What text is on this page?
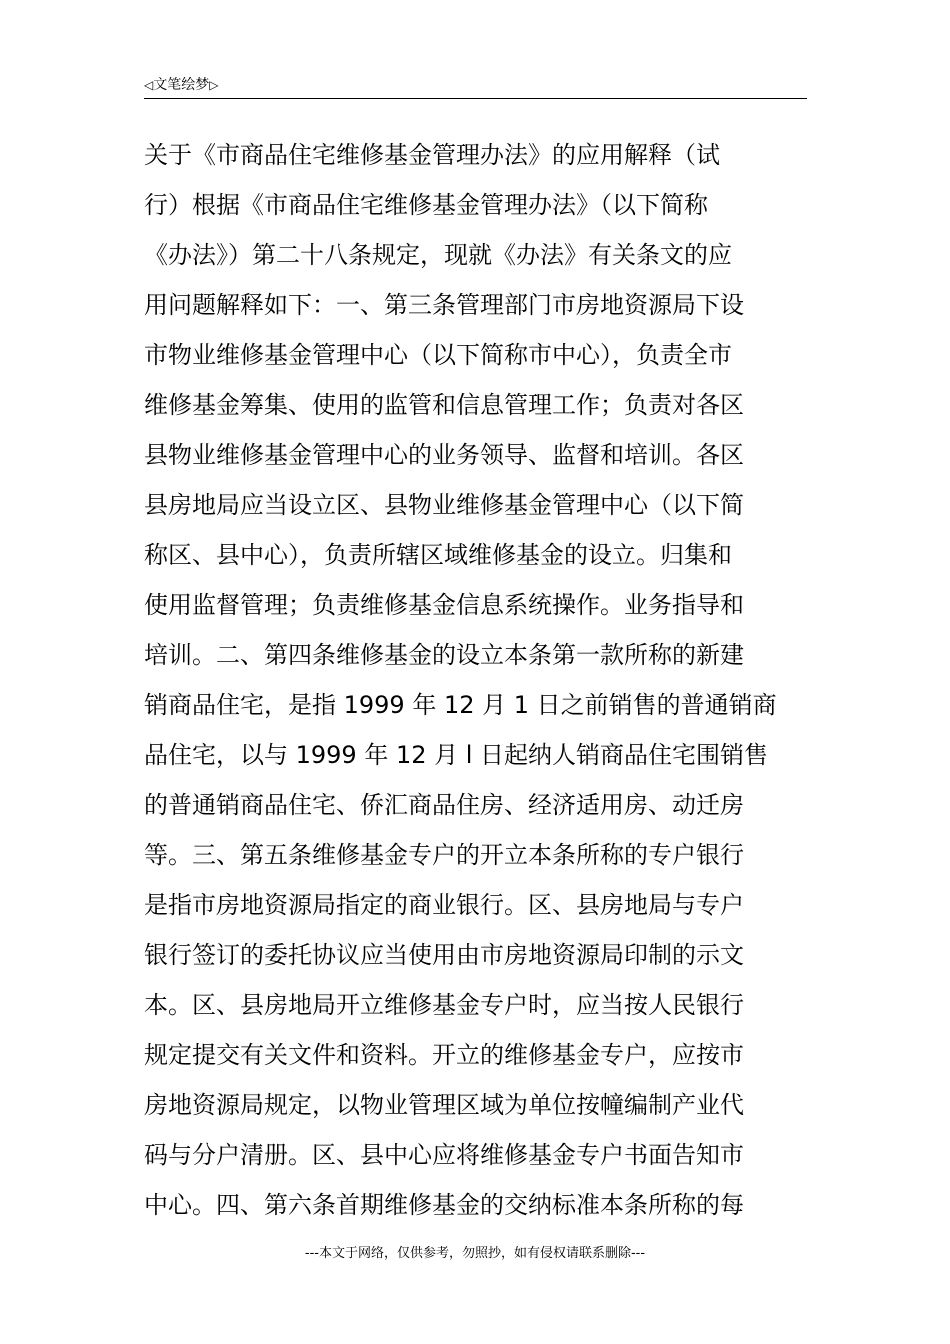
◁文笔绘梦▷
关于《市商品住宅维修基金管理办法》的应用解释（试
行）根据《市商品住宅维修基金管理办法》（以下简称
《办法》）第二十八条规定，现就《办法》有关条文的应
用问题解释如下：一、第三条管理部门市房地资源局下设
市物业维修基金管理中心（以下简称市中心），负责全市
维修基金筹集、使用的监管和信息管理工作；负责对各区
县物业维修基金管理中心的业务领导、监督和培训。各区
县房地局应当设立区、县物业维修基金管理中心（以下简
称区、县中心），负责所辖区域维修基金的设立。归集和
使用监督管理；负责维修基金信息系统操作。业务指导和
培训。二、第四条维修基金的设立本条第一款所称的新建
销商品住宅，是指 1999 年 12 月 1 日之前销售的普通销商
品住宅，以与 1999 年 12 月 l 日起纳人销商品住宅围销售
的普通销商品住宅、侨汇商品住房、经济适用房、动迁房
等。三、第五条维修基金专户的开立本条所称的专户银行
是指市房地资源局指定的商业银行。区、县房地局与专户
银行签订的委托协议应当使用由市房地资源局印制的示文
本。区、县房地局开立维修基金专户时，应当按人民银行
规定提交有关文件和资料。开立的维修基金专户，应按市
房地资源局规定，以物业管理区域为单位按幢编制产业代
码与分户清册。区、县中心应将维修基金专户书面告知市
中心。四、第六条首期维修基金的交纳标准本条所称的每
---本文于网络，仅供参考，勿照抄，如有侵权请联系删除---
